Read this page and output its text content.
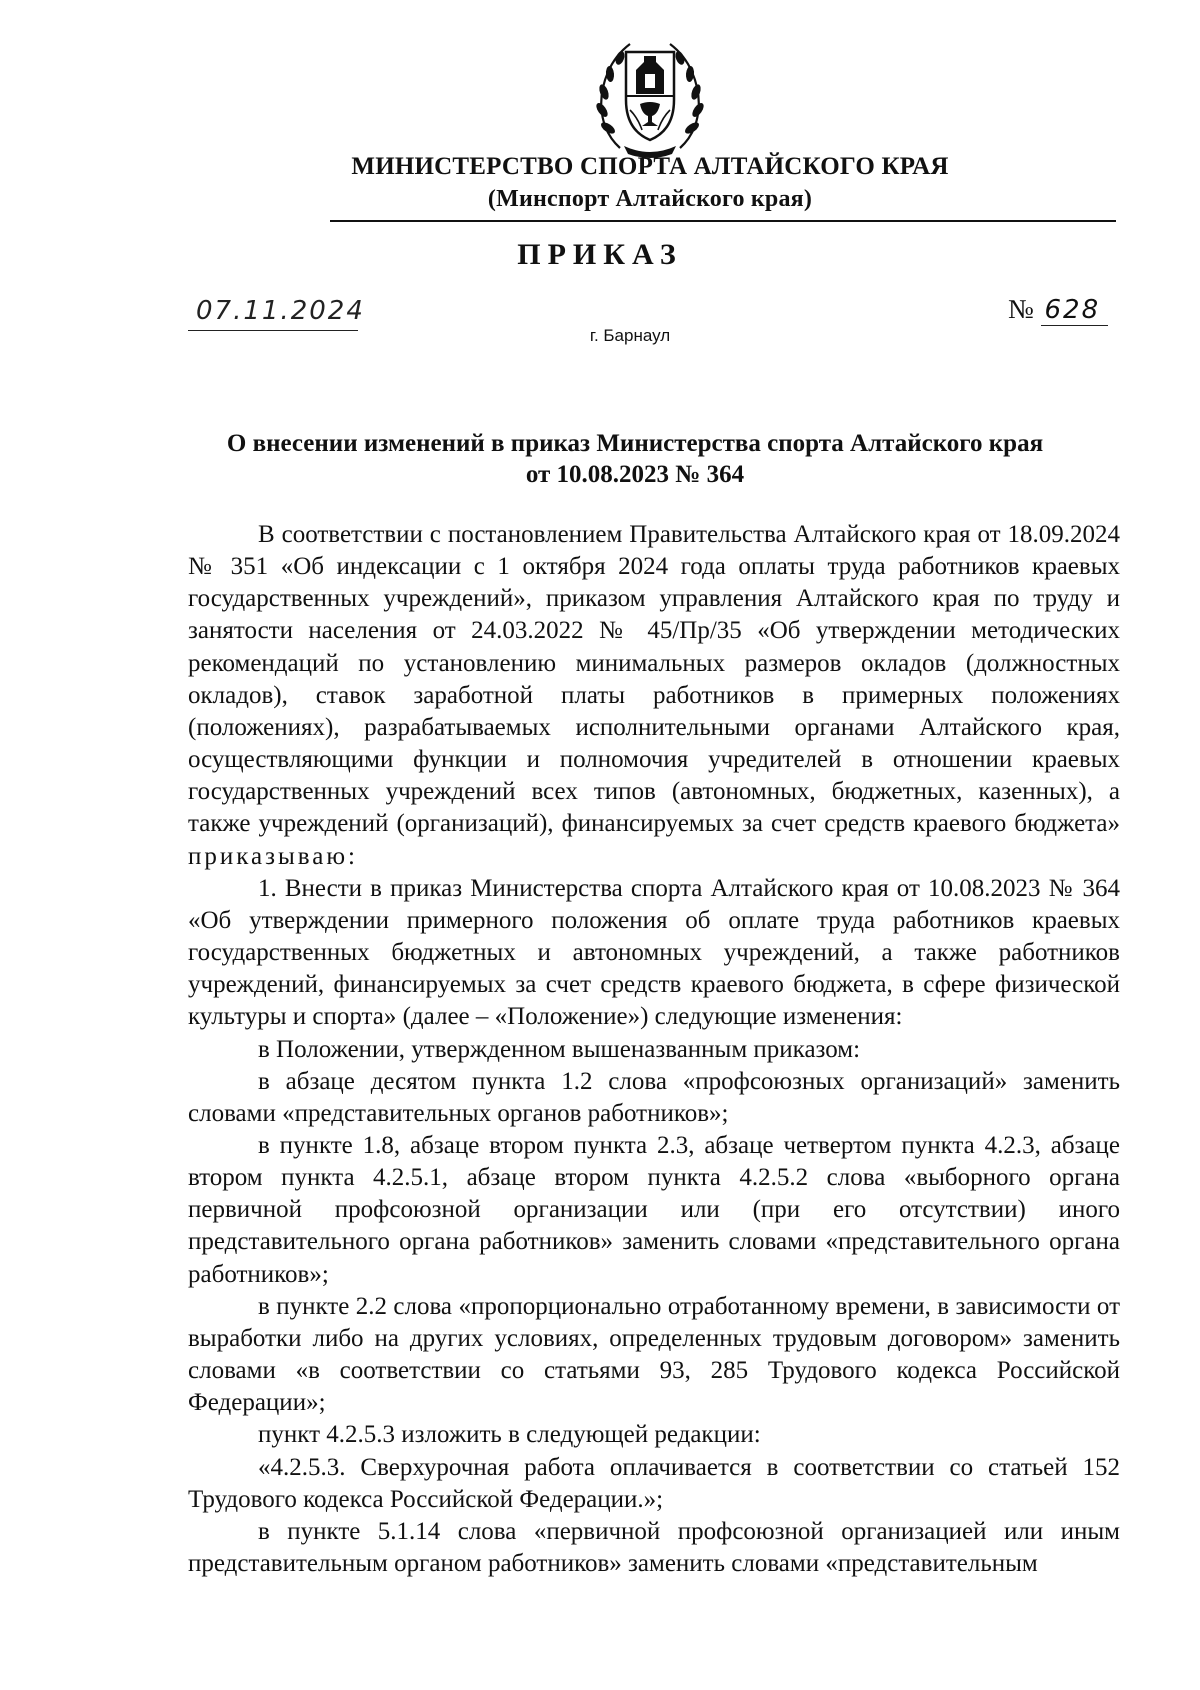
МИНИСТЕРСТВО СПОРТА АЛТАЙСКОГО КРАЯ
(Минспорт Алтайского края)
ПРИКАЗ
07.11.2024	№ 628
г. Барнаул
О внесении изменений в приказ Министерства спорта Алтайского края
от 10.08.2023 № 364

В соответствии с постановлением Правительства Алтайского края от 18.09.2024 № 351 «Об индексации с 1 октября 2024 года оплаты труда работников краевых государственных учреждений», приказом управления Алтайского края по труду и занятости населения от 24.03.2022 № 45/Пр/35 «Об утверждении методических рекомендаций по установлению минимальных размеров окладов (должностных окладов), ставок заработной платы работников в примерных положениях (положениях), разрабатываемых исполнительными органами Алтайского края, осуществляющими функции и полномочия учредителей в отношении краевых государственных учреждений всех типов (автономных, бюджетных, казенных), а также учреждений (организаций), финансируемых за счет средств краевого бюджета» приказываю:

1. Внести в приказ Министерства спорта Алтайского края от 10.08.2023 № 364 «Об утверждении примерного положения об оплате труда работников краевых государственных бюджетных и автономных учреждений, а также работников учреждений, финансируемых за счет средств краевого бюджета, в сфере физической культуры и спорта» (далее – «Положение») следующие изменения:

в Положении, утвержденном вышеназванным приказом:

в абзаце десятом пункта 1.2 слова «профсоюзных организаций» заменить словами «представительных органов работников»;

в пункте 1.8, абзаце втором пункта 2.3, абзаце четвертом пункта 4.2.3, абзаце втором пункта 4.2.5.1, абзаце втором пункта 4.2.5.2 слова «выборного органа первичной профсоюзной организации или (при его отсутствии) иного представительного органа работников» заменить словами «представительного органа работников»;

в пункте 2.2 слова «пропорционально отработанному времени, в зависимости от выработки либо на других условиях, определенных трудовым договором» заменить словами «в соответствии со статьями 93, 285 Трудового кодекса Российской Федерации»;

пункт 4.2.5.3 изложить в следующей редакции:

«4.2.5.3. Сверхурочная работа оплачивается в соответствии со статьей 152 Трудового кодекса Российской Федерации.»;

в пункте 5.1.14 слова «первичной профсоюзной организацией или иным представительным органом работников» заменить словами «представительным
